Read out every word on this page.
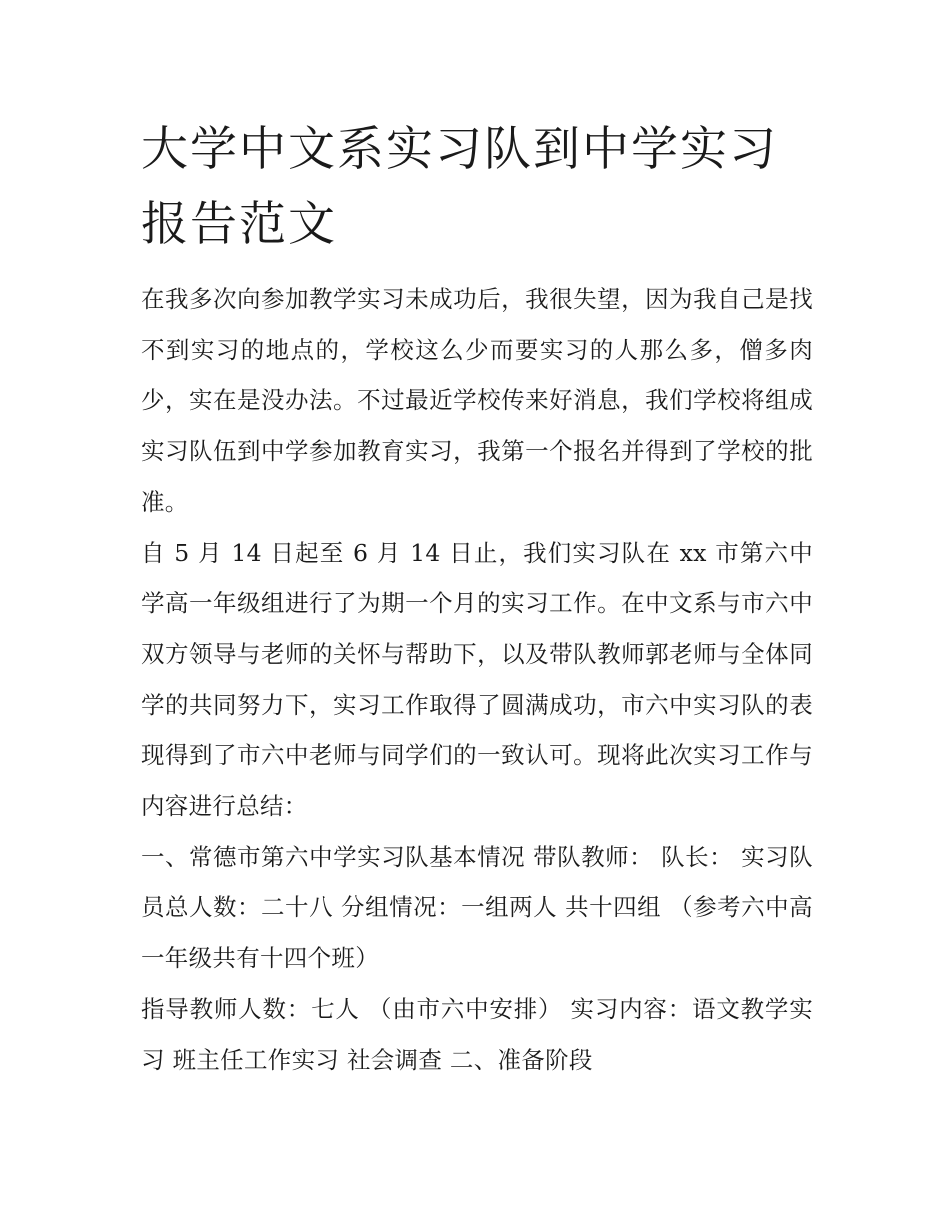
大学中文系实习队到中学实习报告范文

在我多次向参加教学实习未成功后，我很失望，因为我自己是找不到实习的地点的，学校这么少而要实习的人那么多，僧多肉少，实在是没办法。不过最近学校传来好消息，我们学校将组成实习队伍到中学参加教育实习，我第一个报名并得到了学校的批准。

自 5 月 14 日起至 6 月 14 日止，我们实习队在 xx 市第六中学高一年级组进行了为期一个月的实习工作。在中文系与市六中双方领导与老师的关怀与帮助下，以及带队教师郭老师与全体同学的共同努力下，实习工作取得了圆满成功，市六中实习队的表现得到了市六中老师与同学们的一致认可。现将此次实习工作与内容进行总结：

一、常德市第六中学实习队基本情况 带队教师： 队长： 实习队员总人数：二十八 分组情况：一组两人 共十四组 （参考六中高一年级共有十四个班）

指导教师人数：七人 （由市六中安排） 实习内容：语文教学实习 班主任工作实习 社会调查 二、准备阶段
